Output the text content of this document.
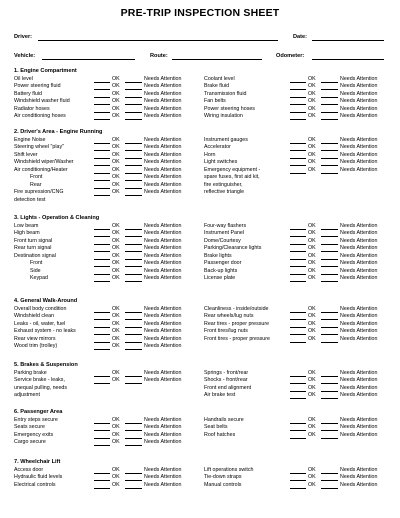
PRE-TRIP INSPECTION SHEET
Driver:	Date:
Vehicle:	Route:	Odometer:
1. Engine Compartment
Oil level	OK	Needs Attention
Power steering fluid	OK	Needs Attention
Battery fluid	OK	Needs Attention
Windshield washer fluid	OK	Needs Attention
Radiator hoses	OK	Needs Attention
Air conditioning hoses	OK	Needs Attention
Coolant level	OK	Needs Attention
Brake fluid	OK	Needs Attention
Transmission fluid	OK	Needs Attention
Fan belts	OK	Needs Attention
Power steering hoses	OK	Needs Attention
Wiring insulation	OK	Needs Attention
2. Driver's Area - Engine Running
Engine Noise	OK	Needs Attention
Steering wheel "play"	OK	Needs Attention
Shift lever	OK	Needs Attention
Windshield wiper/Washer	OK	Needs Attention
Air conditioning/Heater	OK	Needs Attention
Front	OK	Needs Attention
Rear	OK	Needs Attention
Fire supression/CNG	OK	Needs Attention
detection test
Instrument gauges	OK	Needs Attention
Accelerator	OK	Needs Attention
Horn	OK	Needs Attention
Light switches	OK	Needs Attention
Emergency equipment -	OK	Needs Attention
spare fuses, first aid kit,
fire extinguisher,
reflective triangle
3. Lights - Operation & Cleaning
Low beam	OK	Needs Attention
High beam	OK	Needs Attention
Front turn signal	OK	Needs Attention
Rear turn signal	OK	Needs Attention
Destination signal	OK	Needs Attention
Front	OK	Needs Attention
Side	OK	Needs Attention
Keypad	OK	Needs Attention
Four-way flashers	OK	Needs Attention
Instrument Panel	OK	Needs Attention
Dome/Courtesy	OK	Needs Attention
Parking/Clearance lights	OK	Needs Attention
Brake lights	OK	Needs Attention
Passenger door	OK	Needs Attention
Back-up lights	OK	Needs Attention
License plate	OK	Needs Attention
4. General Walk-Around
Overall body condition	OK	Needs Attention
Windshield clean	OK	Needs Attention
Leaks - oil, water, fuel	OK	Needs Attention
Exhaust system - no leaks	OK	Needs Attention
Rear view mirrors	OK	Needs Attention
Wood trim (trolley)	OK	Needs Attention
Cleanliness - inside/outside	OK	Needs Attention
Rear wheels/lug nuts	OK	Needs Attention
Rear tires - proper pressure	OK	Needs Attention
Front tires/lug nuts	OK	Needs Attention
Front tires - proper pressure	OK	Needs Attention
5. Brakes & Suspension
Parking brake	OK	Needs Attention
Service brake - leaks,	OK	Needs Attention
unequal pulling, needs
adjustment
Springs - front/rear	OK	Needs Attention
Shocks - front/rear	OK	Needs Attention
Front end alignment	OK	Needs Attention
Air brake test	OK	Needs Attention
6. Passenger Area
Entry steps secure	OK	Needs Attention
Seats secure	OK	Needs Attention
Emergency exits	OK	Needs Attention
Cargo secure	OK	Needs Attention
Handrails secure	OK	Needs Attention
Seat belts	OK	Needs Attention
Roof hatches	OK	Needs Attention
7. Wheelchair Lift
Access door	OK	Needs Attention
Hydraulic fluid levels	OK	Needs Attention
Electrical controls	OK	Needs Attention
Lift operations switch	OK	Needs Attention
Tie-down straps	OK	Needs Attention
Manual controls	OK	Needs Attention
